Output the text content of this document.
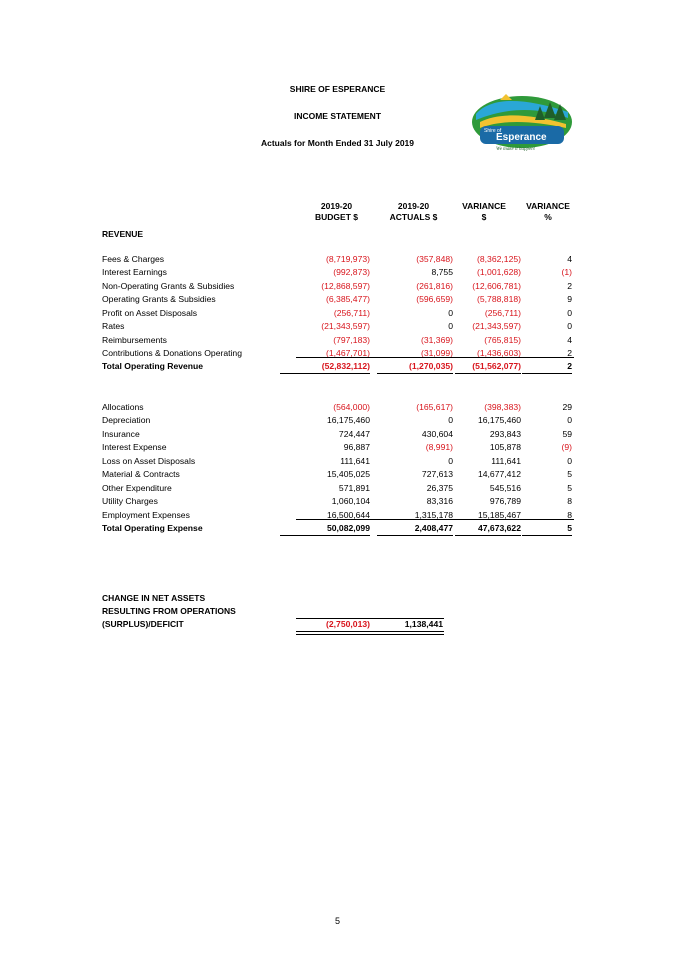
SHIRE OF ESPERANCE
INCOME STATEMENT
Actuals for Month Ended 31 July 2019
Shire of
Esperance
We make it happen!
2019-20
BUDGET $
2019-20
ACTUALS $
VARIANCE
$
VARIANCE
%
REVENUE
Fees & Charges	(8,719,973)	(357,848)	(8,362,125)	4
Interest Earnings	(992,873)	8,755	(1,001,628)	(1)
Non-Operating Grants & Subsidies	(12,868,597)	(261,816)	(12,606,781)	2
Operating Grants & Subsidies	(6,385,477)	(596,659)	(5,788,818)	9
Profit on Asset Disposals	(256,711)	0	(256,711)	0
Rates	(21,343,597)	0	(21,343,597)	0
Reimbursements	(797,183)	(31,369)	(765,815)	4
Contributions & Donations Operating	(1,467,701)	(31,099)	(1,436,603)	2
Total Operating Revenue	(52,832,112)	(1,270,035)	(51,562,077)	2
Allocations	(564,000)	(165,617)	(398,383)	29
Depreciation	16,175,460	0	16,175,460	0
Insurance	724,447	430,604	293,843	59
Interest Expense	96,887	(8,991)	105,878	(9)
Loss on Asset Disposals	111,641	0	111,641	0
Material & Contracts	15,405,025	727,613	14,677,412	5
Other Expenditure	571,891	26,375	545,516	5
Utility Charges	1,060,104	83,316	976,789	8
Employment Expenses	16,500,644	1,315,178	15,185,467	8
Total Operating Expense	50,082,099	2,408,477	47,673,622	5
CHANGE IN NET ASSETS
RESULTING FROM OPERATIONS
(SURPLUS)/DEFICIT	(2,750,013)	1,138,441
5
